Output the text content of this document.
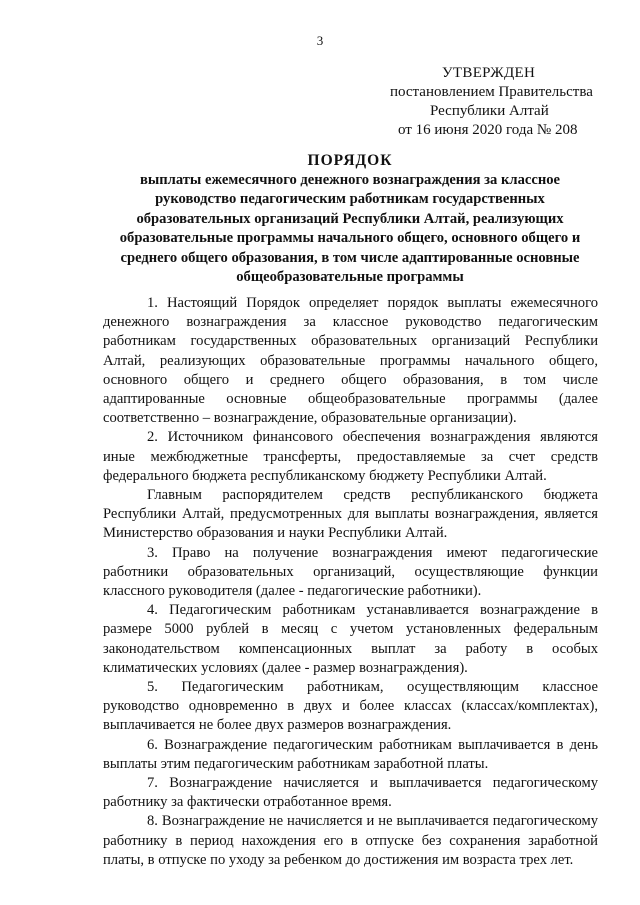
3
УТВЕРЖДЕН
постановлением Правительства
Республики Алтай
от 16 июня 2020 года № 208
ПОРЯДОК
выплаты ежемесячного денежного вознаграждения за классное
руководство педагогическим работникам государственных
образовательных организаций Республики Алтай, реализующих
образовательные программы начального общего, основного общего и
среднего общего образования, в том числе адаптированные основные
общеобразовательные программы

1. Настоящий Порядок определяет порядок выплаты ежемесячного денежного вознаграждения за классное руководство педагогическим работникам государственных образовательных организаций Республики Алтай, реализующих образовательные программы начального общего, основного общего и среднего общего образования, в том числе адаптированные основные общеобразовательные программы (далее соответственно – вознаграждение, образовательные организации).

2. Источником финансового обеспечения вознаграждения являются иные межбюджетные трансферты, предоставляемые за счет средств федерального бюджета республиканскому бюджету Республики Алтай.

Главным распорядителем средств республиканского бюджета Республики Алтай, предусмотренных для выплаты вознаграждения, является Министерство образования и науки Республики Алтай.

3. Право на получение вознаграждения имеют педагогические работники образовательных организаций, осуществляющие функции классного руководителя (далее - педагогические работники).

4. Педагогическим работникам устанавливается вознаграждение в размере 5000 рублей в месяц с учетом установленных федеральным законодательством компенсационных выплат за работу в особых климатических условиях (далее - размер вознаграждения).

5. Педагогическим работникам, осуществляющим классное руководство одновременно в двух и более классах (классах/комплектах), выплачивается не более двух размеров вознаграждения.

6. Вознаграждение педагогическим работникам выплачивается в день выплаты этим педагогическим работникам заработной платы.

7. Вознаграждение начисляется и выплачивается педагогическому работнику за фактически отработанное время.

8. Вознаграждение не начисляется и не выплачивается педагогическому работнику в период нахождения его в отпуске без сохранения заработной платы, в отпуске по уходу за ребенком до достижения им возраста трех лет.
